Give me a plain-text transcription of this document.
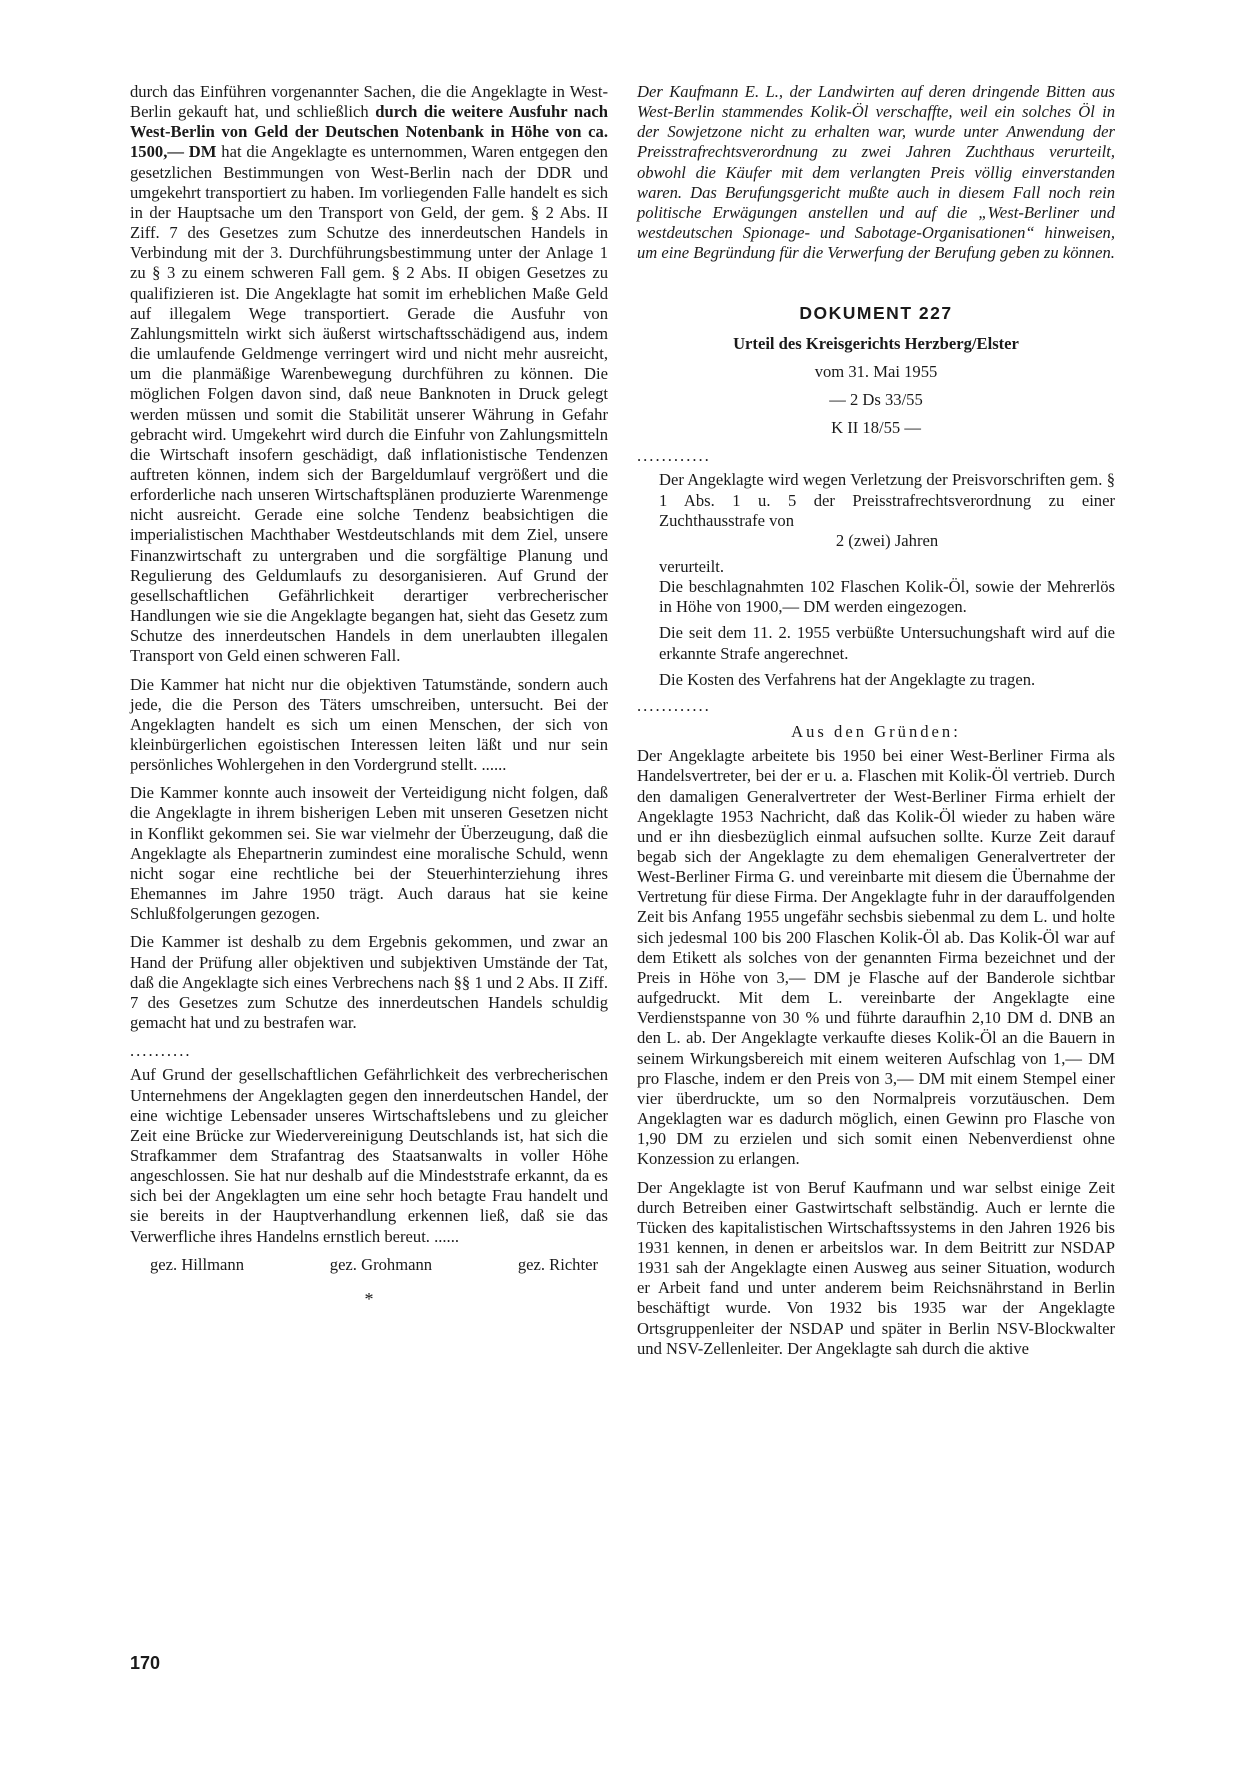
durch das Einführen vorgenannter Sachen, die die Angeklagte in West-Berlin gekauft hat, und schließlich durch die weitere Ausfuhr nach West-Berlin von Geld der Deutschen Notenbank in Höhe von ca. 1500,— DM hat die Angeklagte es unternommen, Waren entgegen den gesetzlichen Bestimmungen von West-Berlin nach der DDR und umgekehrt transportiert zu haben. Im vorliegenden Falle handelt es sich in der Hauptsache um den Transport von Geld, der gem. § 2 Abs. II Ziff. 7 des Gesetzes zum Schutze des innerdeutschen Handels in Verbindung mit der 3. Durchführungsbestimmung unter der Anlage 1 zu § 3 zu einem schweren Fall gem. § 2 Abs. II obigen Gesetzes zu qualifizieren ist. Die Angeklagte hat somit im erheblichen Maße Geld auf illegalem Wege transportiert. Gerade die Ausfuhr von Zahlungsmitteln wirkt sich äußerst wirtschaftsschädigend aus, indem die umlaufende Geldmenge verringert wird und nicht mehr ausreicht, um die planmäßige Warenbewegung durchführen zu können. Die möglichen Folgen davon sind, daß neue Banknoten in Druck gelegt werden müssen und somit die Stabilität unserer Währung in Gefahr gebracht wird. Umgekehrt wird durch die Einfuhr von Zahlungsmitteln die Wirtschaft insofern geschädigt, daß inflationistische Tendenzen auftreten können, indem sich der Bargeldumlauf vergrößert und die erforderliche nach unseren Wirtschaftsplänen produzierte Warenmenge nicht ausreicht. Gerade eine solche Tendenz beabsichtigen die imperialistischen Machthaber Westdeutschlands mit dem Ziel, unsere Finanzwirtschaft zu untergraben und die sorgfältige Planung und Regulierung des Geldumlaufs zu desorganisieren. Auf Grund der gesellschaftlichen Gefährlichkeit derartiger verbrecherischer Handlungen wie sie die Angeklagte begangen hat, sieht das Gesetz zum Schutze des innerdeutschen Handels in dem unerlaubten illegalen Transport von Geld einen schweren Fall.

Die Kammer hat nicht nur die objektiven Tatumstände, sondern auch jede, die die Person des Täters umschreiben, untersucht. Bei der Angeklagten handelt es sich um einen Menschen, der sich von kleinbürgerlichen egoistischen Interessen leiten läßt und nur sein persönliches Wohlergehen in den Vordergrund stellt. ......

Die Kammer konnte auch insoweit der Verteidigung nicht folgen, daß die Angeklagte in ihrem bisherigen Leben mit unseren Gesetzen nicht in Konflikt gekommen sei. Sie war vielmehr der Überzeugung, daß die Angeklagte als Ehepartnerin zumindest eine moralische Schuld, wenn nicht sogar eine rechtliche bei der Steuerhinterziehung ihres Ehemannes im Jahre 1950 trägt. Auch daraus hat sie keine Schlußfolgerungen gezogen.

Die Kammer ist deshalb zu dem Ergebnis gekommen, und zwar an Hand der Prüfung aller objektiven und subjektiven Umstände der Tat, daß die Angeklagte sich eines Verbrechens nach §§ 1 und 2 Abs. II Ziff. 7 des Gesetzes zum Schutze des innerdeutschen Handels schuldig gemacht hat und zu bestrafen war.

..........

Auf Grund der gesellschaftlichen Gefährlichkeit des verbrecherischen Unternehmens der Angeklagten gegen den innerdeutschen Handel, der eine wichtige Lebensader unseres Wirtschaftslebens und zu gleicher Zeit eine Brücke zur Wiedervereinigung Deutschlands ist, hat sich die Strafkammer dem Strafantrag des Staatsanwalts in voller Höhe angeschlossen. Sie hat nur deshalb auf die Mindeststrafe erkannt, da es sich bei der Angeklagten um eine sehr hoch betagte Frau handelt und sie bereits in der Hauptverhandlung erkennen ließ, daß sie das Verwerfliche ihres Handelns ernstlich bereut. ......

gez. Hillmann	gez. Grohmann	gez. Richter
*

Der Kaufmann E. L., der Landwirten auf deren dringende Bitten aus West-Berlin stammendes Kolik-Öl verschaffte, weil ein solches Öl in der Sowjetzone nicht zu erhalten war, wurde unter Anwendung der Preisstrafrechtsverordnung zu zwei Jahren Zuchthaus verurteilt, obwohl die Käufer mit dem verlangten Preis völlig einverstanden waren. Das Berufungsgericht mußte auch in diesem Fall noch rein politische Erwägungen anstellen und auf die „West-Berliner und westdeutschen Spionage- und Sabotage-Organisationen“ hinweisen, um eine Begründung für die Verwerfung der Berufung geben zu können.

DOKUMENT 227

Urteil des Kreisgerichts Herzberg/Elster

vom 31. Mai 1955

— 2 Ds 33/55

K II 18/55 —

............

Der Angeklagte wird wegen Verletzung der Preisvorschriften gem. § 1 Abs. 1 u. 5 der Preisstrafrechtsverordnung zu einer Zuchthausstrafe von

2 (zwei) Jahren

verurteilt.

Die beschlagnahmten 102 Flaschen Kolik-Öl, sowie der Mehrerlös in Höhe von 1900,— DM werden eingezogen.

Die seit dem 11. 2. 1955 verbüßte Untersuchungshaft wird auf die erkannte Strafe angerechnet.

Die Kosten des Verfahrens hat der Angeklagte zu tragen.

............
Aus den Gründen:

Der Angeklagte arbeitete bis 1950 bei einer West-Berliner Firma als Handelsvertreter, bei der er u. a. Flaschen mit Kolik-Öl vertrieb. Durch den damaligen Generalvertreter der West-Berliner Firma erhielt der Angeklagte 1953 Nachricht, daß das Kolik-Öl wieder zu haben wäre und er ihn diesbezüglich einmal aufsuchen sollte. Kurze Zeit darauf begab sich der Angeklagte zu dem ehemaligen Generalvertreter der West-Berliner Firma G. und vereinbarte mit diesem die Übernahme der Vertretung für diese Firma. Der Angeklagte fuhr in der darauffolgenden Zeit bis Anfang 1955 ungefähr sechsbis siebenmal zu dem L. und holte sich jedesmal 100 bis 200 Flaschen Kolik-Öl ab. Das Kolik-Öl war auf dem Etikett als solches von der genannten Firma bezeichnet und der Preis in Höhe von 3,— DM je Flasche auf der Banderole sichtbar aufgedruckt. Mit dem L. vereinbarte der Angeklagte eine Verdienstspanne von 30 % und führte daraufhin 2,10 DM d. DNB an den L. ab. Der Angeklagte verkaufte dieses Kolik-Öl an die Bauern in seinem Wirkungsbereich mit einem weiteren Aufschlag von 1,— DM pro Flasche, indem er den Preis von 3,— DM mit einem Stempel einer vier überdruckte, um so den Normalpreis vorzutäuschen. Dem Angeklagten war es dadurch möglich, einen Gewinn pro Flasche von 1,90 DM zu erzielen und sich somit einen Nebenverdienst ohne Konzession zu erlangen.

Der Angeklagte ist von Beruf Kaufmann und war selbst einige Zeit durch Betreiben einer Gastwirtschaft selbständig. Auch er lernte die Tücken des kapitalistischen Wirtschaftssystems in den Jahren 1926 bis 1931 kennen, in denen er arbeitslos war. In dem Beitritt zur NSDAP 1931 sah der Angeklagte einen Ausweg aus seiner Situation, wodurch er Arbeit fand und unter anderem beim Reichsnährstand in Berlin beschäftigt wurde. Von 1932 bis 1935 war der Angeklagte Ortsgruppenleiter der NSDAP und später in Berlin NSV-Blockwalter und NSV-Zellenleiter. Der Angeklagte sah durch die aktive

170
